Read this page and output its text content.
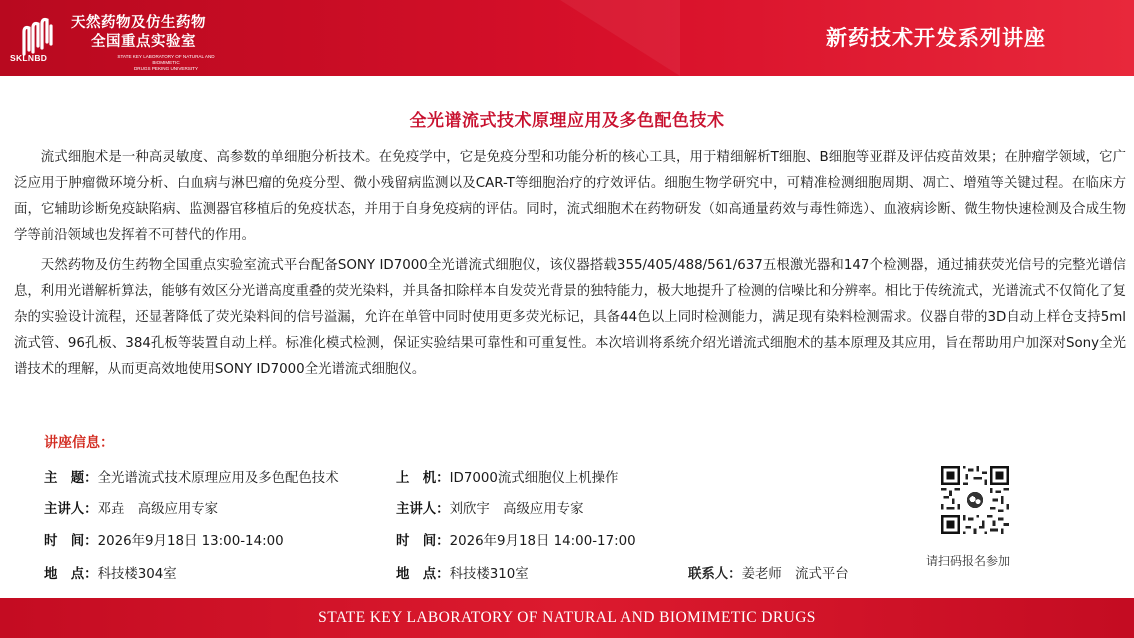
SKLNBD
天然药物及仿生药物
全国重点实验室
STATE KEY LABORATORY OF NATURAL AND BIOMIMETIC
DRUGS PEKING UNIVERSITY
新药技术开发系列讲座
全光谱流式技术原理应用及多色配色技术

流式细胞术是一种高灵敏度、高参数的单细胞分析技术。在免疫学中，它是免疫分型和功能分析的核心工具，用于精细解析T细胞、B细胞等亚群及评估疫苗效果；在肿瘤学领域，它广泛应用于肿瘤微环境分析、白血病与淋巴瘤的免疫分型、微小残留病监测以及CAR-T等细胞治疗的疗效评估。细胞生物学研究中，可精准检测细胞周期、凋亡、增殖等关键过程。在临床方面，它辅助诊断免疫缺陷病、监测器官移植后的免疫状态，并用于自身免疫病的评估。同时，流式细胞术在药物研发（如高通量药效与毒性筛选）、血液病诊断、微生物快速检测及合成生物学等前沿领域也发挥着不可替代的作用。

天然药物及仿生药物全国重点实验室流式平台配备SONY ID7000全光谱流式细胞仪，该仪器搭载355/405/488/561/637五根激光器和147个检测器，通过捕获荧光信号的完整光谱信息，利用光谱解析算法，能够有效区分光谱高度重叠的荧光染料，并具备扣除样本自发荧光背景的独特能力，极大地提升了检测的信噪比和分辨率。相比于传统流式，光谱流式不仅简化了复杂的实验设计流程，还显著降低了荧光染料间的信号溢漏，允许在单管中同时使用更多荧光标记，具备44色以上同时检测能力，满足现有染料检测需求。仪器自带的3D自动上样仓支持5ml流式管、96孔板、384孔板等装置自动上样。标准化模式检测，保证实验结果可靠性和可重复性。本次培训将系统介绍光谱流式细胞术的基本原理及其应用，旨在帮助用户加深对Sony全光谱技术的理解，从而更高效地使用SONY ID7000全光谱流式细胞仪。

讲座信息：
主　题：全光谱流式技术原理应用及多色配色技术
主讲人：邓垚　高级应用专家
时　间：2026年9月18日 13:00-14:00
地　点：科技楼304室
上　机：ID7000流式细胞仪上机操作
主讲人：刘欣宇　高级应用专家
时　间：2026年9月18日 14:00-17:00
地　点：科技楼310室	联系人：姜老师　流式平台
请扫码报名参加
STATE KEY LABORATORY OF NATURAL AND BIOMIMETIC DRUGS
